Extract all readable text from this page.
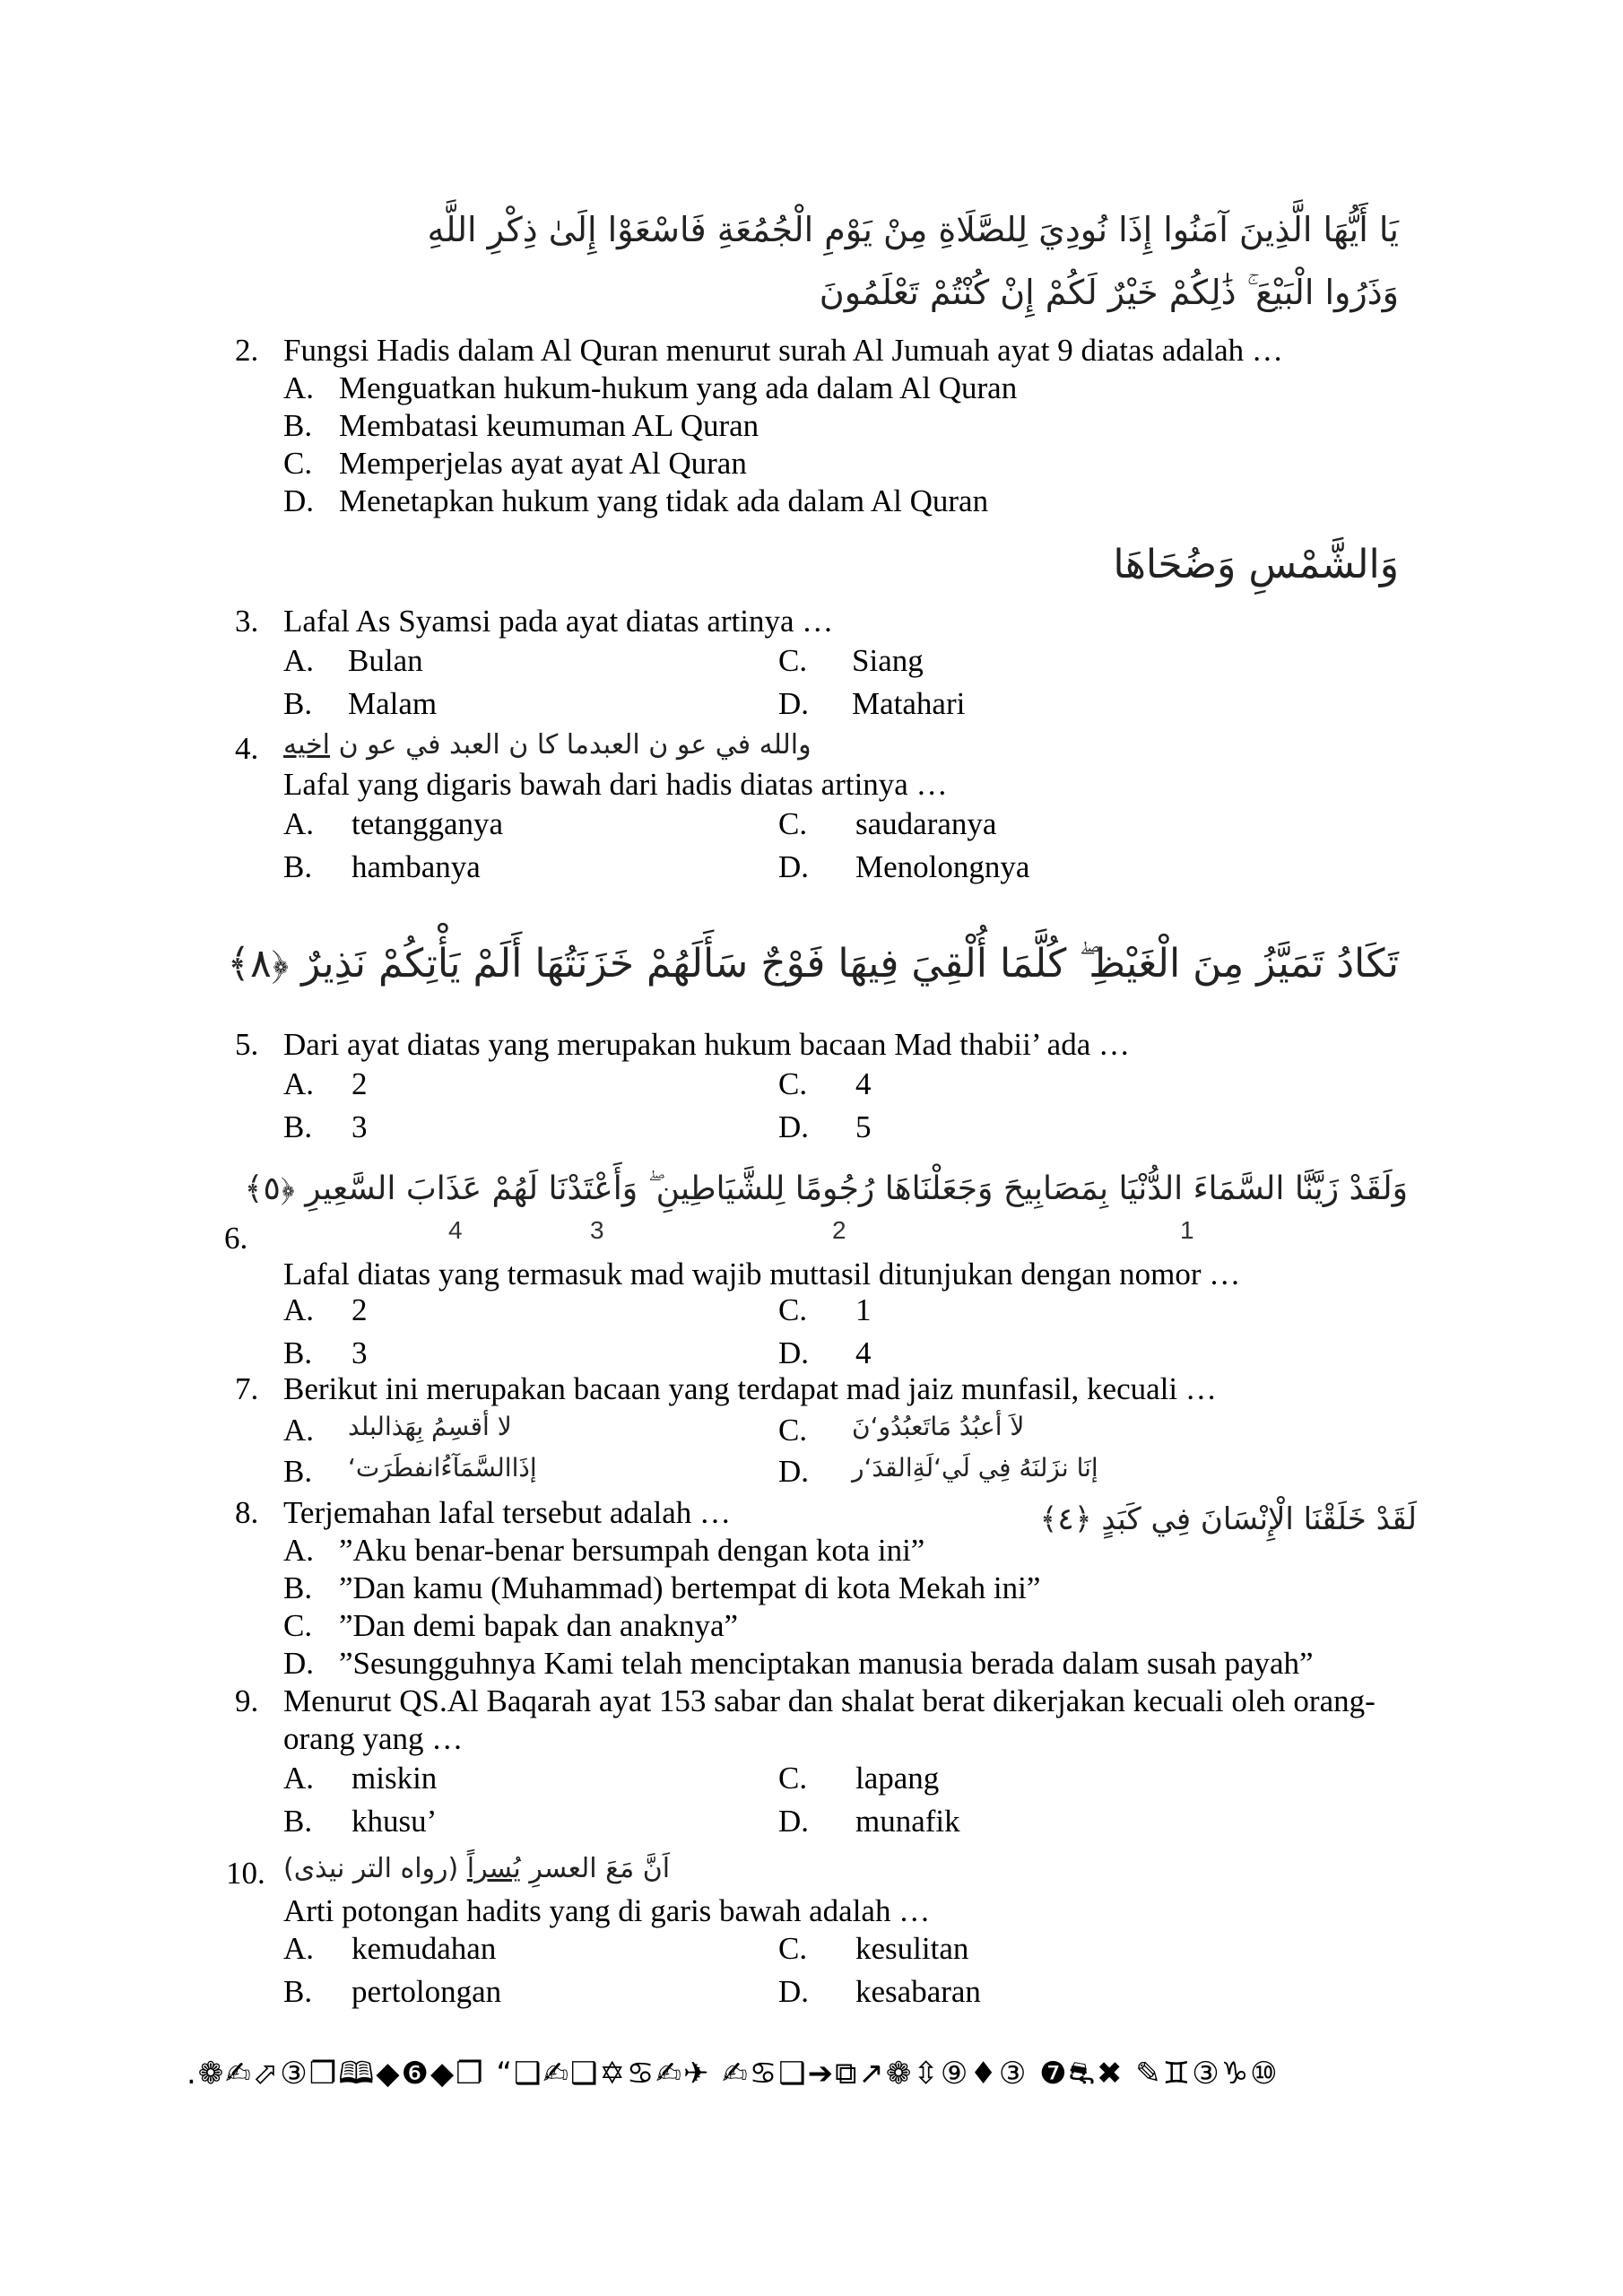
يَا أَيُّهَا الَّذِينَ آمَنُوا إِذَا نُودِيَ لِلصَّلَاةِ مِنْ يَوْمِ الْجُمُعَةِ فَاسْعَوْا إِلَىٰ ذِكْرِ اللَّهِ
وَذَرُوا الْبَيْعَ ۚ ذَٰلِكُمْ خَيْرٌ لَكُمْ إِنْ كُنْتُمْ تَعْلَمُونَ
2. Fungsi Hadis dalam Al Quran menurut surah Al Jumuah ayat 9 diatas adalah …
A. Menguatkan hukum-hukum yang ada dalam Al Quran
B. Membatasi keumuman AL Quran
C. Memperjelas ayat ayat Al Quran
D. Menetapkan hukum yang tidak ada dalam Al Quran
وَالشَّمْسِ وَضُحَاهَا
3. Lafal As Syamsi pada ayat diatas artinya …
A. Bulan	C. Siang
B. Malam	D. Matahari
4.	والله في عو ن العبدما كا ن العبد في عو ن اخيه
Lafal yang digaris bawah dari hadis diatas artinya …
A. tetangganya	C. saudaranya
B. hambanya	D. Menolongnya
تَكَادُ تَمَيَّزُ مِنَ الْغَيْظِ ۖ كُلَّمَا أُلْقِيَ فِيهَا فَوْجٌ سَأَلَهُمْ خَزَنَتُهَا أَلَمْ يَأْتِكُمْ نَذِيرٌ ﴿٨﴾
5. Dari ayat diatas yang merupakan hukum bacaan Mad thabii’ ada …
A. 2	C. 4
B. 3	D. 5
وَلَقَدْ زَيَّنَّا السَّمَاءَ الدُّنْيَا بِمَصَابِيحَ وَجَعَلْنَاهَا رُجُومًا لِلشَّيَاطِينِ ۖ وَأَعْتَدْنَا لَهُمْ عَذَابَ السَّعِيرِ ﴿٥﴾
4	3	2	1
6.
Lafal diatas yang termasuk mad wajib muttasil ditunjukan dengan nomor …
A. 2	C. 1
B. 3	D. 4
7. Berikut ini merupakan bacaan yang terdapat mad jaiz munfasil, kecuali …
A. لا أقسِمُ بِهَذالبلد	C. لاَ أعبُدُ مَاتَعبُدُو‘نَ
B. إذَاالسَّمَآءُانفطَرَت‘	D. إنَا نزَلنَهُ فِي لَي‘لَةِالقدَ‘ر
8. Terjemahan lafal tersebut adalah …	لَقَدْ خَلَقْنَا الْإِنْسَانَ فِي كَبَدٍ ﴿٤﴾
A. ”Aku benar-benar bersumpah dengan kota ini”
B. ”Dan kamu (Muhammad) bertempat di kota Mekah ini”
C. ”Dan demi bapak dan anaknya”
D. ”Sesungguhnya Kami telah menciptakan manusia berada dalam susah payah”
9. Menurut QS.Al Baqarah ayat 153 sabar dan shalat berat dikerjakan kecuali oleh orang-
orang yang …
A. miskin	C. lapang
B. khusu’	D. munafik
10.	اَنَّ مَعَ العسرِ يُسراً (رواه التر نيذى)
Arti potongan hadits yang di garis bawah adalah …
A. kemudahan	C. kesulitan
B. pertolongan	D. kesabaran
.❁✍⬀③❐🕮◆❻◆❐ “❑✍❑✡♋✍✈ ✍♋❑➔⧉↗❁⇳⑨♦③ ❼⛐✖ ✎♊③♑⑩
